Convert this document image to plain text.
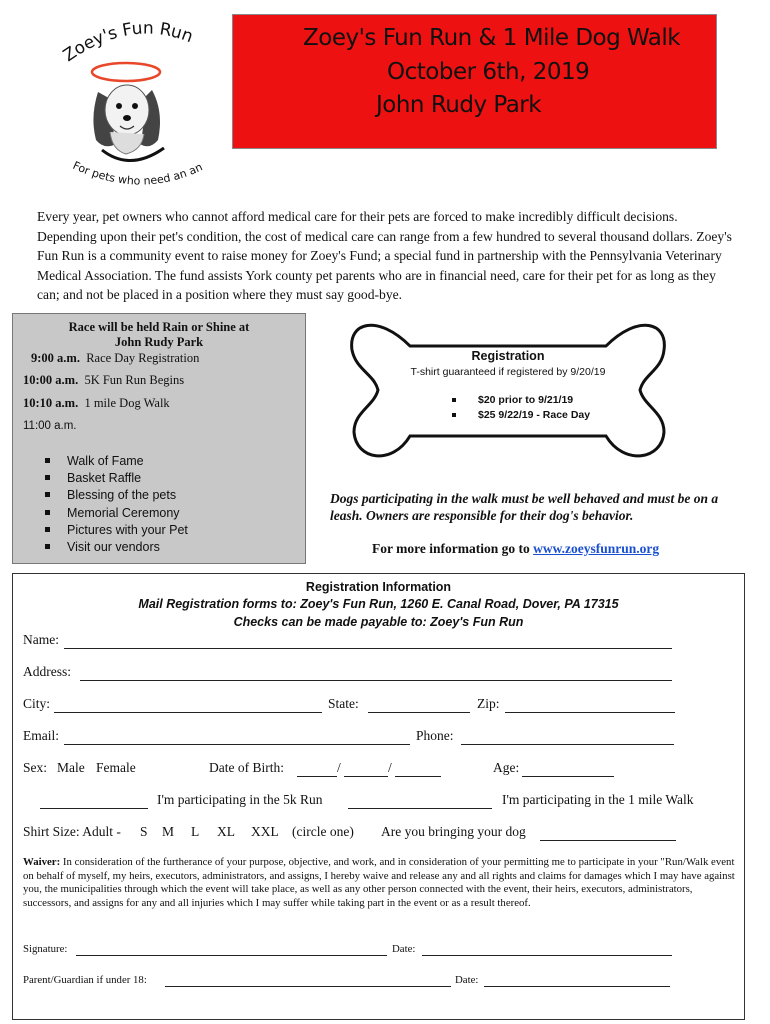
Zoey's Fun Run
For pets who need an an
Zoey's Fun Run & 1 Mile Dog Walk
October 6th, 2019
John Rudy Park
Every year, pet owners who cannot afford medical care for their pets are forced to make incredibly difficult decisions. Depending upon their pet's condition, the cost of medical care can range from a few hundred to several thousand dollars. Zoey's Fun Run is a community event to raise money for Zoey's Fund; a special fund in partnership with the Pennsylvania Veterinary Medical Association. The fund assists York county pet parents who are in financial need, care for their pet for as long as they can; and not be placed in a position where they must say good-bye.
Race will be held Rain or Shine at
John Rudy Park
9:00 a.m. Race Day Registration
10:00 a.m. 5K Fun Run Begins
10:10 a.m. 1 mile Dog Walk
11:00 a.m.
Walk of Fame
Basket Raffle
Blessing of the pets
Memorial Ceremony
Pictures with your Pet
Visit our vendors
Registration
T-shirt guaranteed if registered by 9/20/19
$20 prior to 9/21/19
$25 9/22/19 - Race Day
Dogs participating in the walk must be well behaved and must be on a leash. Owners are responsible for their dog's behavior.
For more information go to www.zoeysfunrun.org
Registration Information
Mail Registration forms to: Zoey's Fun Run, 1260 E. Canal Road, Dover, PA 17315
Checks can be made payable to: Zoey's Fun Run
Name:
Address:
City:	State:	Zip:
Email:	Phone:
Sex: Male Female	Date of Birth:	/	/	Age:
I'm participating in the 5k Run	I'm participating in the 1 mile Walk
Shirt Size: Adult - S M L XL XXL (circle one) Are you bringing your dog
Waiver: In consideration of the furtherance of your purpose, objective, and work, and in consideration of your permitting me to participate in your "Run/Walk event on behalf of myself, my heirs, executors, administrators, and assigns, I hereby waive and release any and all rights and claims for damages which I may have against you, the municipalities through which the event will take place, as well as any other person connected with the event, their heirs, executors, administrators, successors, and assigns for any and all injuries which I may suffer while taking part in the event or as a result thereof.
Signature:	Date:
Parent/Guardian if under 18:	Date:
